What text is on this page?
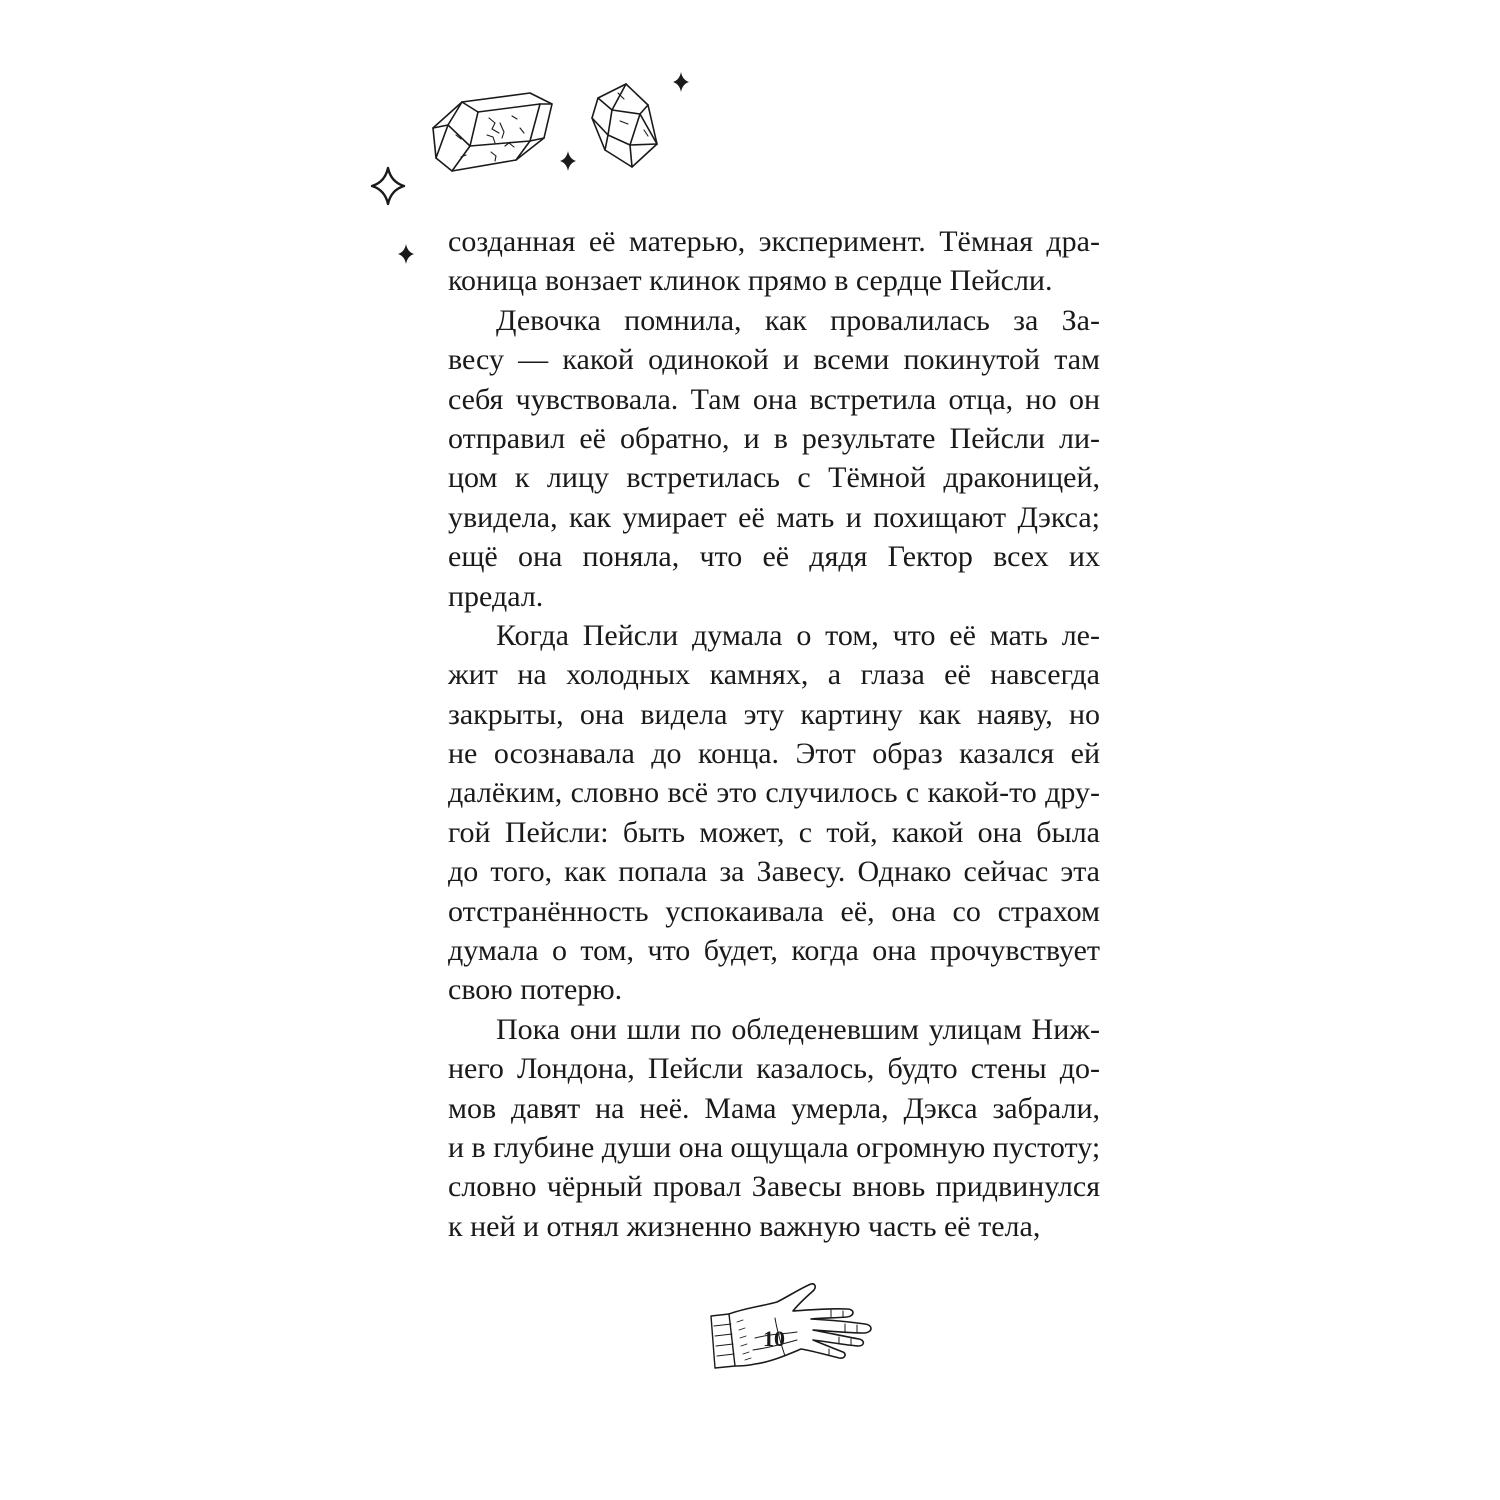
созданная её матерью, эксперимент. Тёмная дра-
коница вонзает клинок прямо в сердце Пейсли.
Девочка помнила, как провалилась за За-
весу — какой одинокой и всеми покинутой там
себя чувствовала. Там она встретила отца, но он
отправил её обратно, и в результате Пейсли ли-
цом к лицу встретилась с Тёмной драконицей,
увидела, как умирает её мать и похищают Дэкса;
ещё она поняла, что её дядя Гектор всех их
предал.
Когда Пейсли думала о том, что её мать ле-
жит на холодных камнях, а глаза её навсегда
закрыты, она видела эту картину как наяву, но
не осознавала до конца. Этот образ казался ей
далёким, словно всё это случилось с какой-то дру-
гой Пейсли: быть может, с той, какой она была
до того, как попала за Завесу. Однако сейчас эта
отстранённость успокаивала её, она со страхом
думала о том, что будет, когда она прочувствует
свою потерю.
Пока они шли по обледеневшим улицам Ниж-
него Лондона, Пейсли казалось, будто стены до-
мов давят на неё. Мама умерла, Дэкса забрали,
и в глубине души она ощущала огромную пустоту;
словно чёрный провал Завесы вновь придвинулся
к ней и отнял жизненно важную часть её тела,
10
